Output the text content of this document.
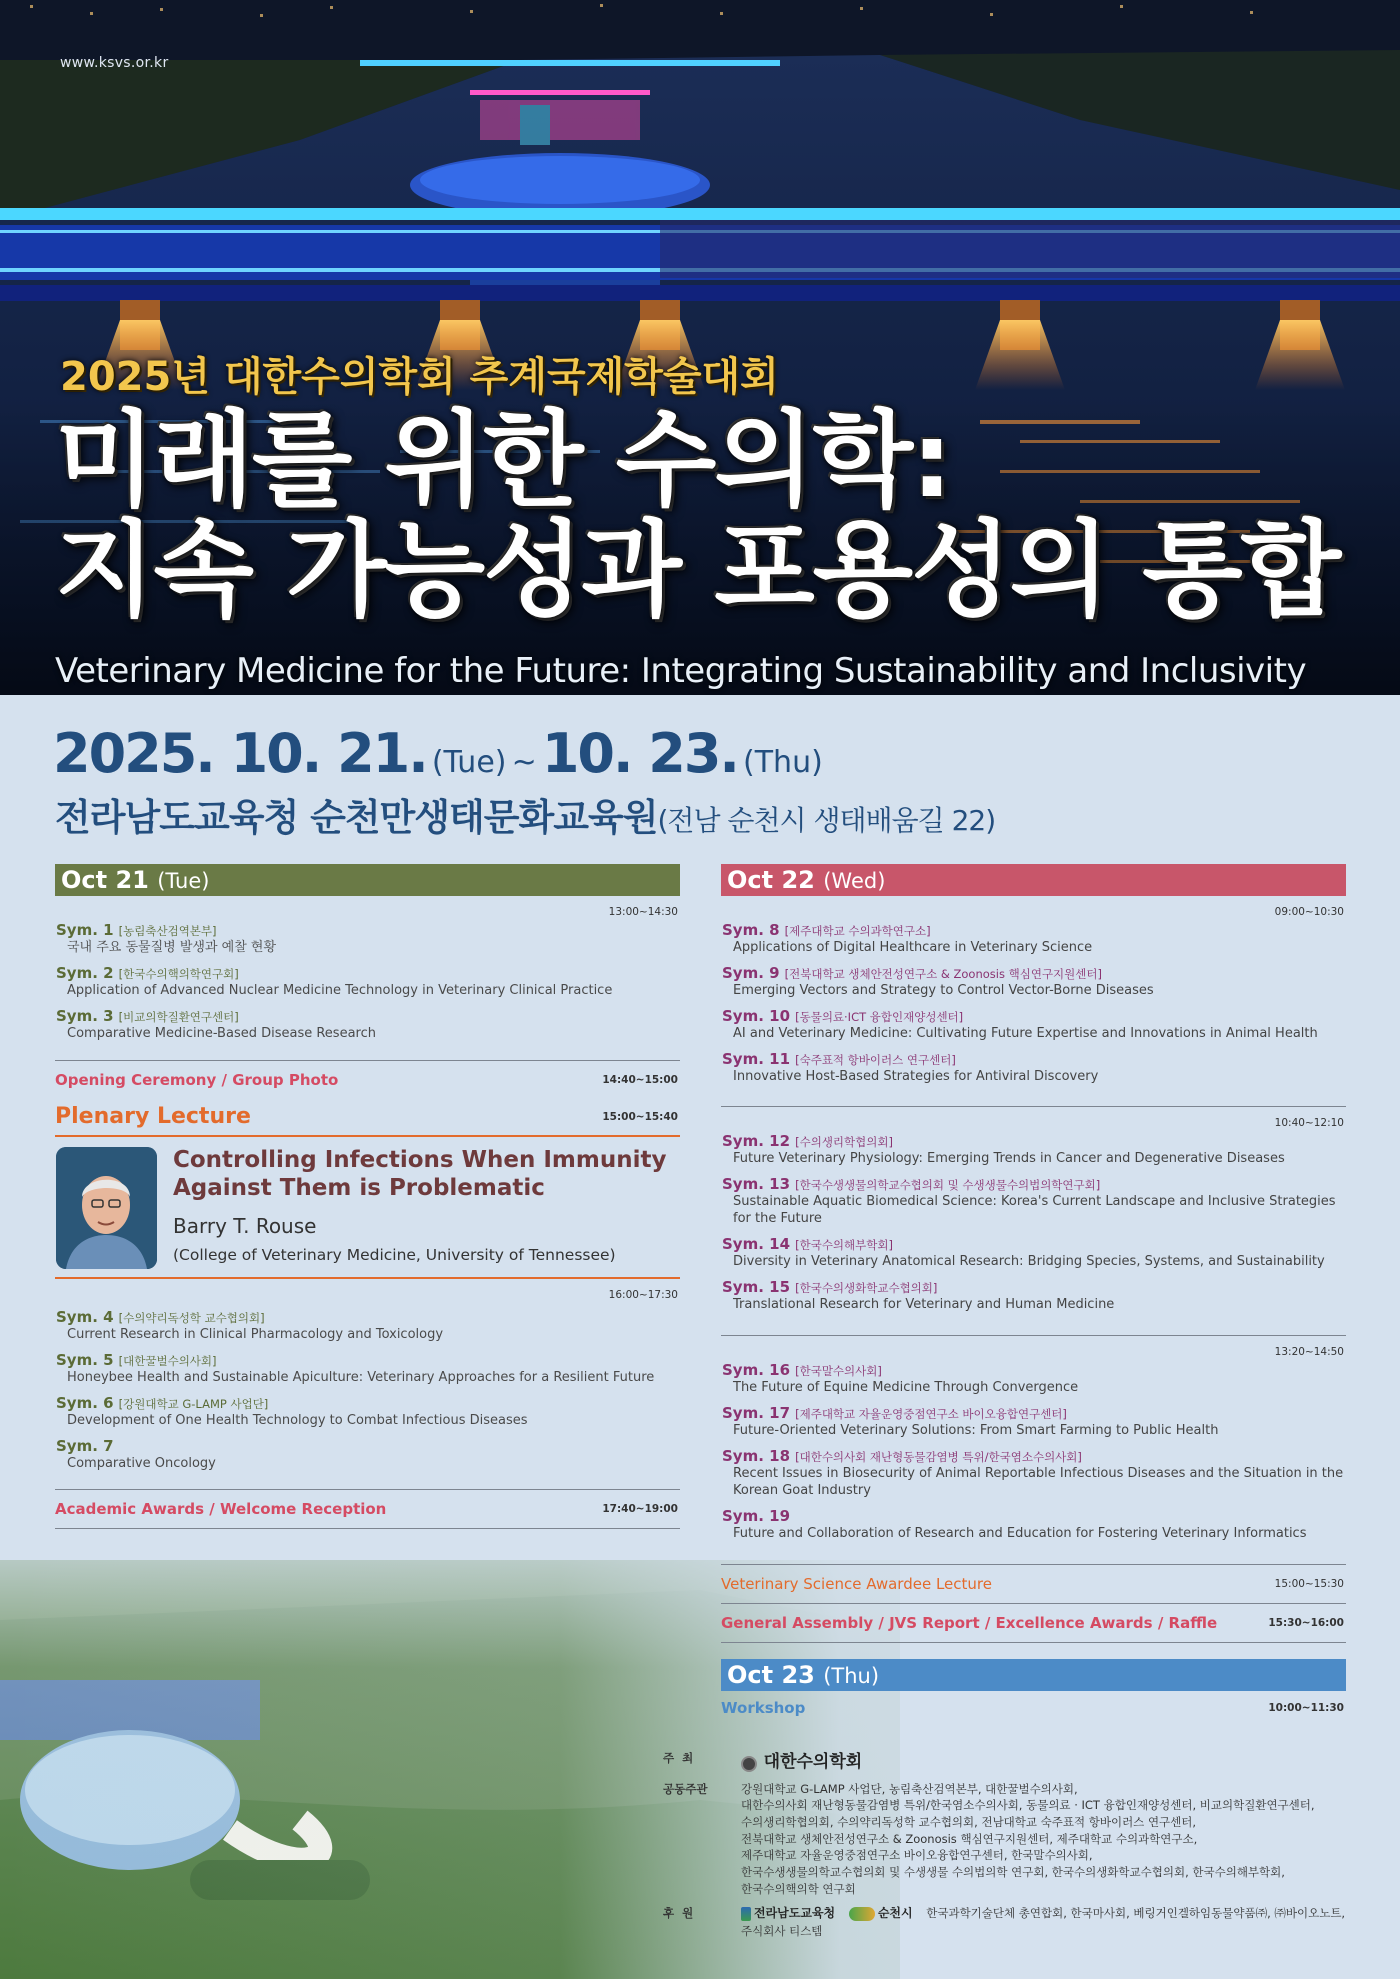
www.ksvs.or.kr
2025년 대한수의학회 추계국제학술대회
미래를 위한 수의학:
지속 가능성과 포용성의 통합
Veterinary Medicine for the Future: Integrating Sustainability and Inclusivity
2025. 10. 21. (Tue) ~ 10. 23. (Thu)
전라남도교육청 순천만생태문화교육원(전남 순천시 생태배움길 22)
Oct 21 (Tue)
13:00~14:30
Sym. 1 [농림축산검역본부]
국내 주요 동물질병 발생과 예찰 현황
Sym. 2 [한국수의핵의학연구회]
Application of Advanced Nuclear Medicine Technology in Veterinary Clinical Practice
Sym. 3 [비교의학질환연구센터]
Comparative Medicine-Based Disease Research
Opening Ceremony / Group Photo	14:40~15:00
Plenary Lecture	15:00~15:40
Controlling Infections When Immunity Against Them is Problematic
Barry T. Rouse
(College of Veterinary Medicine, University of Tennessee)
16:00~17:30
Sym. 4 [수의약리독성학 교수협의회]
Current Research in Clinical Pharmacology and Toxicology
Sym. 5 [대한꿀벌수의사회]
Honeybee Health and Sustainable Apiculture: Veterinary Approaches for a Resilient Future
Sym. 6 [강원대학교 G-LAMP 사업단]
Development of One Health Technology to Combat Infectious Diseases
Sym. 7
Comparative Oncology
Academic Awards / Welcome Reception	17:40~19:00
Oct 22 (Wed)
09:00~10:30
Sym. 8 [제주대학교 수의과학연구소]
Applications of Digital Healthcare in Veterinary Science
Sym. 9 [전북대학교 생체안전성연구소 & Zoonosis 핵심연구지원센터]
Emerging Vectors and Strategy to Control Vector-Borne Diseases
Sym. 10 [동물의료·ICT 융합인재양성센터]
AI and Veterinary Medicine: Cultivating Future Expertise and Innovations in Animal Health
Sym. 11 [숙주표적 항바이러스 연구센터]
Innovative Host-Based Strategies for Antiviral Discovery
10:40~12:10
Sym. 12 [수의생리학협의회]
Future Veterinary Physiology: Emerging Trends in Cancer and Degenerative Diseases
Sym. 13 [한국수생생물의학교수협의회 및 수생생물수의법의학연구회]
Sustainable Aquatic Biomedical Science: Korea's Current Landscape and Inclusive Strategies for the Future
Sym. 14 [한국수의해부학회]
Diversity in Veterinary Anatomical Research: Bridging Species, Systems, and Sustainability
Sym. 15 [한국수의생화학교수협의회]
Translational Research for Veterinary and Human Medicine
13:20~14:50
Sym. 16 [한국말수의사회]
The Future of Equine Medicine Through Convergence
Sym. 17 [제주대학교 자율운영중점연구소 바이오융합연구센터]
Future-Oriented Veterinary Solutions: From Smart Farming to Public Health
Sym. 18 [대한수의사회 재난형동물감염병 특위/한국염소수의사회]
Recent Issues in Biosecurity of Animal Reportable Infectious Diseases and the Situation in the Korean Goat Industry
Sym. 19
Future and Collaboration of Research and Education for Fostering Veterinary Informatics
Veterinary Science Awardee Lecture	15:00~15:30
General Assembly / JVS Report / Excellence Awards / Raffle	15:30~16:00
Oct 23 (Thu)
Workshop	10:00~11:30
주 최	대한수의학회
공동주관	강원대학교 G-LAMP 사업단, 농림축산검역본부, 대한꿀벌수의사회,
대한수의사회 재난형동물감염병 특위/한국염소수의사회, 동물의료 · ICT 융합인재양성센터, 비교의학질환연구센터,
수의생리학협의회, 수의약리독성학 교수협의회, 전남대학교 숙주표적 항바이러스 연구센터,
전북대학교 생체안전성연구소 & Zoonosis 핵심연구지원센터, 제주대학교 수의과학연구소,
제주대학교 자율운영중점연구소 바이오융합연구센터, 한국말수의사회,
한국수생생물의학교수협의회 및 수생생물 수의법의학 연구회, 한국수의생화학교수협의회, 한국수의해부학회,
한국수의핵의학 연구회
후 원	전라남도교육청	순천시 한국과학기술단체 총연합회, 한국마사회, 베링거인겔하임동물약품㈜, ㈜바이오노트,
주식회사 티스템
